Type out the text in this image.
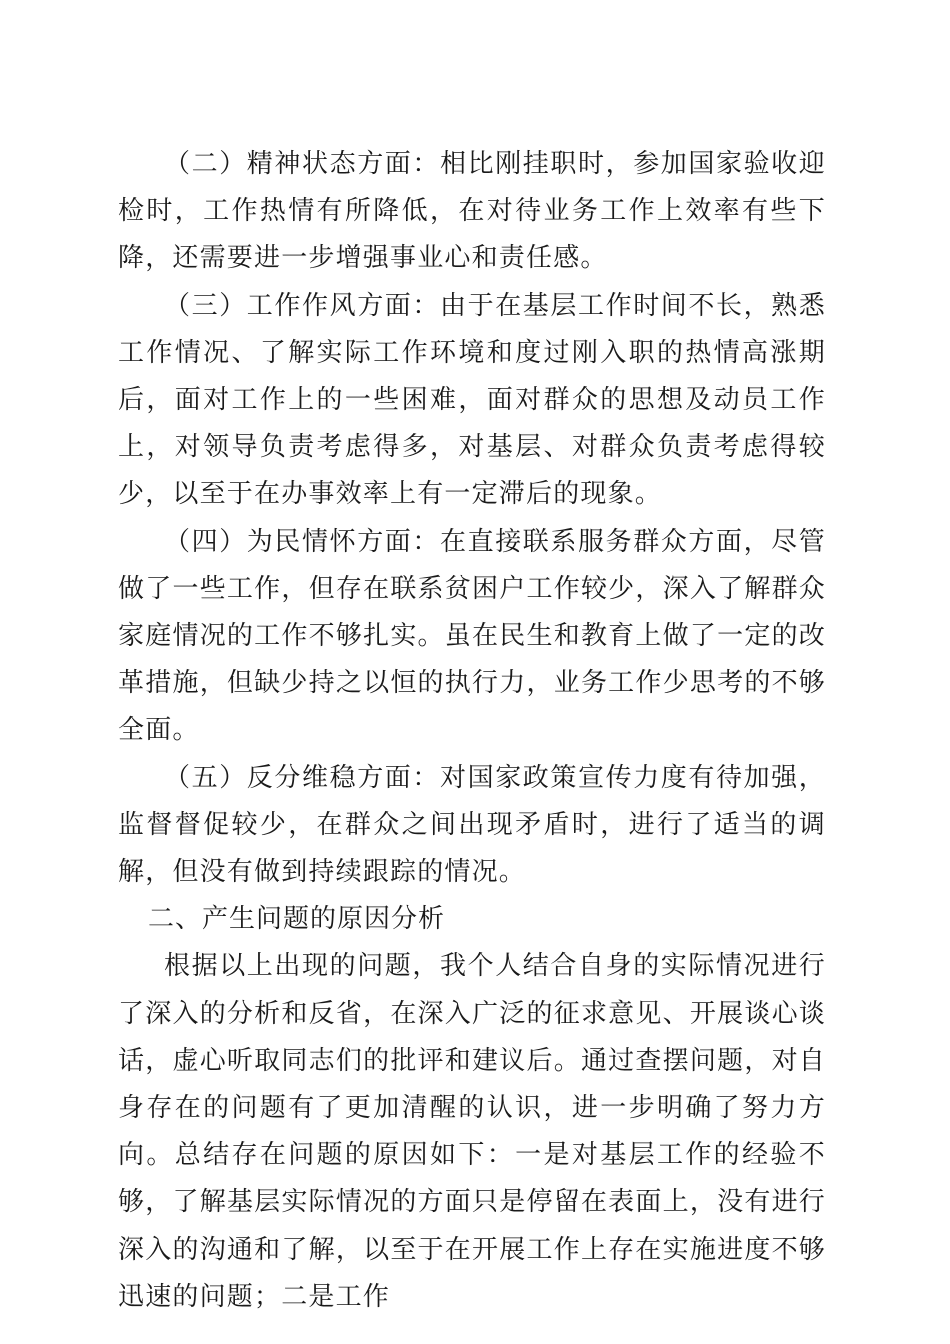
（二）精神状态方面：相比刚挂职时，参加国家验收迎检时，工作热情有所降低，在对待业务工作上效率有些下降，还需要进一步增强事业心和责任感。

（三）工作作风方面：由于在基层工作时间不长，熟悉工作情况、了解实际工作环境和度过刚入职的热情高涨期后，面对工作上的一些困难，面对群众的思想及动员工作上，对领导负责考虑得多，对基层、对群众负责考虑得较少，以至于在办事效率上有一定滞后的现象。

（四）为民情怀方面：在直接联系服务群众方面，尽管做了一些工作，但存在联系贫困户工作较少，深入了解群众家庭情况的工作不够扎实。虽在民生和教育上做了一定的改革措施，但缺少持之以恒的执行力，业务工作少思考的不够全面。

（五）反分维稳方面：对国家政策宣传力度有待加强，监督督促较少，在群众之间出现矛盾时，进行了适当的调解，但没有做到持续跟踪的情况。

二、产生问题的原因分析

根据以上出现的问题，我个人结合自身的实际情况进行了深入的分析和反省，在深入广泛的征求意见、开展谈心谈话，虚心听取同志们的批评和建议后。通过查摆问题，对自身存在的问题有了更加清醒的认识，进一步明确了努力方向。总结存在问题的原因如下：一是对基层工作的经验不够，了解基层实际情况的方面只是停留在表面上，没有进行深入的沟通和了解，以至于在开展工作上存在实施进度不够迅速的问题；二是工作
